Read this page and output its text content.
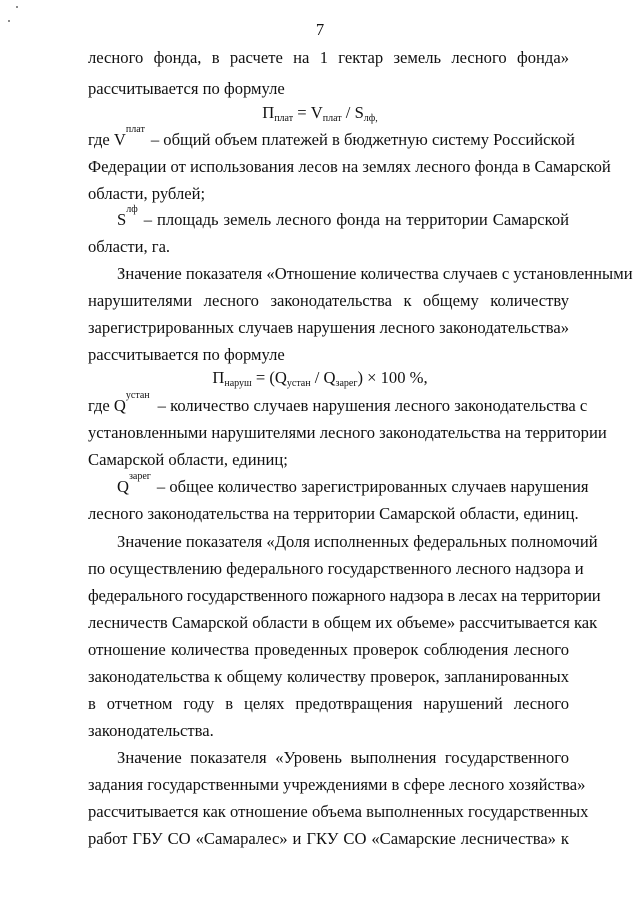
7
лесного фонда, в расчете на 1 гектар земель лесного фонда»
рассчитывается по формуле
$П_{плат} = V_{плат} / S_{лф,}$
где V
плат
– общий объем платежей в бюджетную систему Российской
Федерации от использования лесов на землях лесного фонда в Самарской
области, рублей;
S
лф
– площадь земель лесного фонда на территории Самарской
области, га.
Значение показателя «Отношение количества случаев с установленными
нарушителями лесного законодательства к общему количеству
зарегистрированных случаев нарушения лесного законодательства»
рассчитывается по формуле
$П_{наруш} = (Q_{устан} / Q_{зарег}) \times 100$ %,
где Q
устан
– количество случаев нарушения лесного законодательства с
установленными нарушителями лесного законодательства на территории
Самарской области, единиц;
Q
зарег
– общее количество зарегистрированных случаев нарушения
лесного законодательства на территории Самарской области, единиц.
Значение показателя «Доля исполненных федеральных полномочий
по осуществлению федерального государственного лесного надзора и
федерального государственного пожарного надзора в лесах на территории
лесничеств Самарской области в общем их объеме» рассчитывается как
отношение количества проведенных проверок соблюдения лесного
законодательства к общему количеству проверок, запланированных
в отчетном году в целях предотвращения нарушений лесного
законодательства.
Значение показателя «Уровень выполнения государственного
задания государственными учреждениями в сфере лесного хозяйства»
рассчитывается как отношение объема выполненных государственных
работ ГБУ СО «Самаралес» и ГКУ СО «Самарские лесничества» к
